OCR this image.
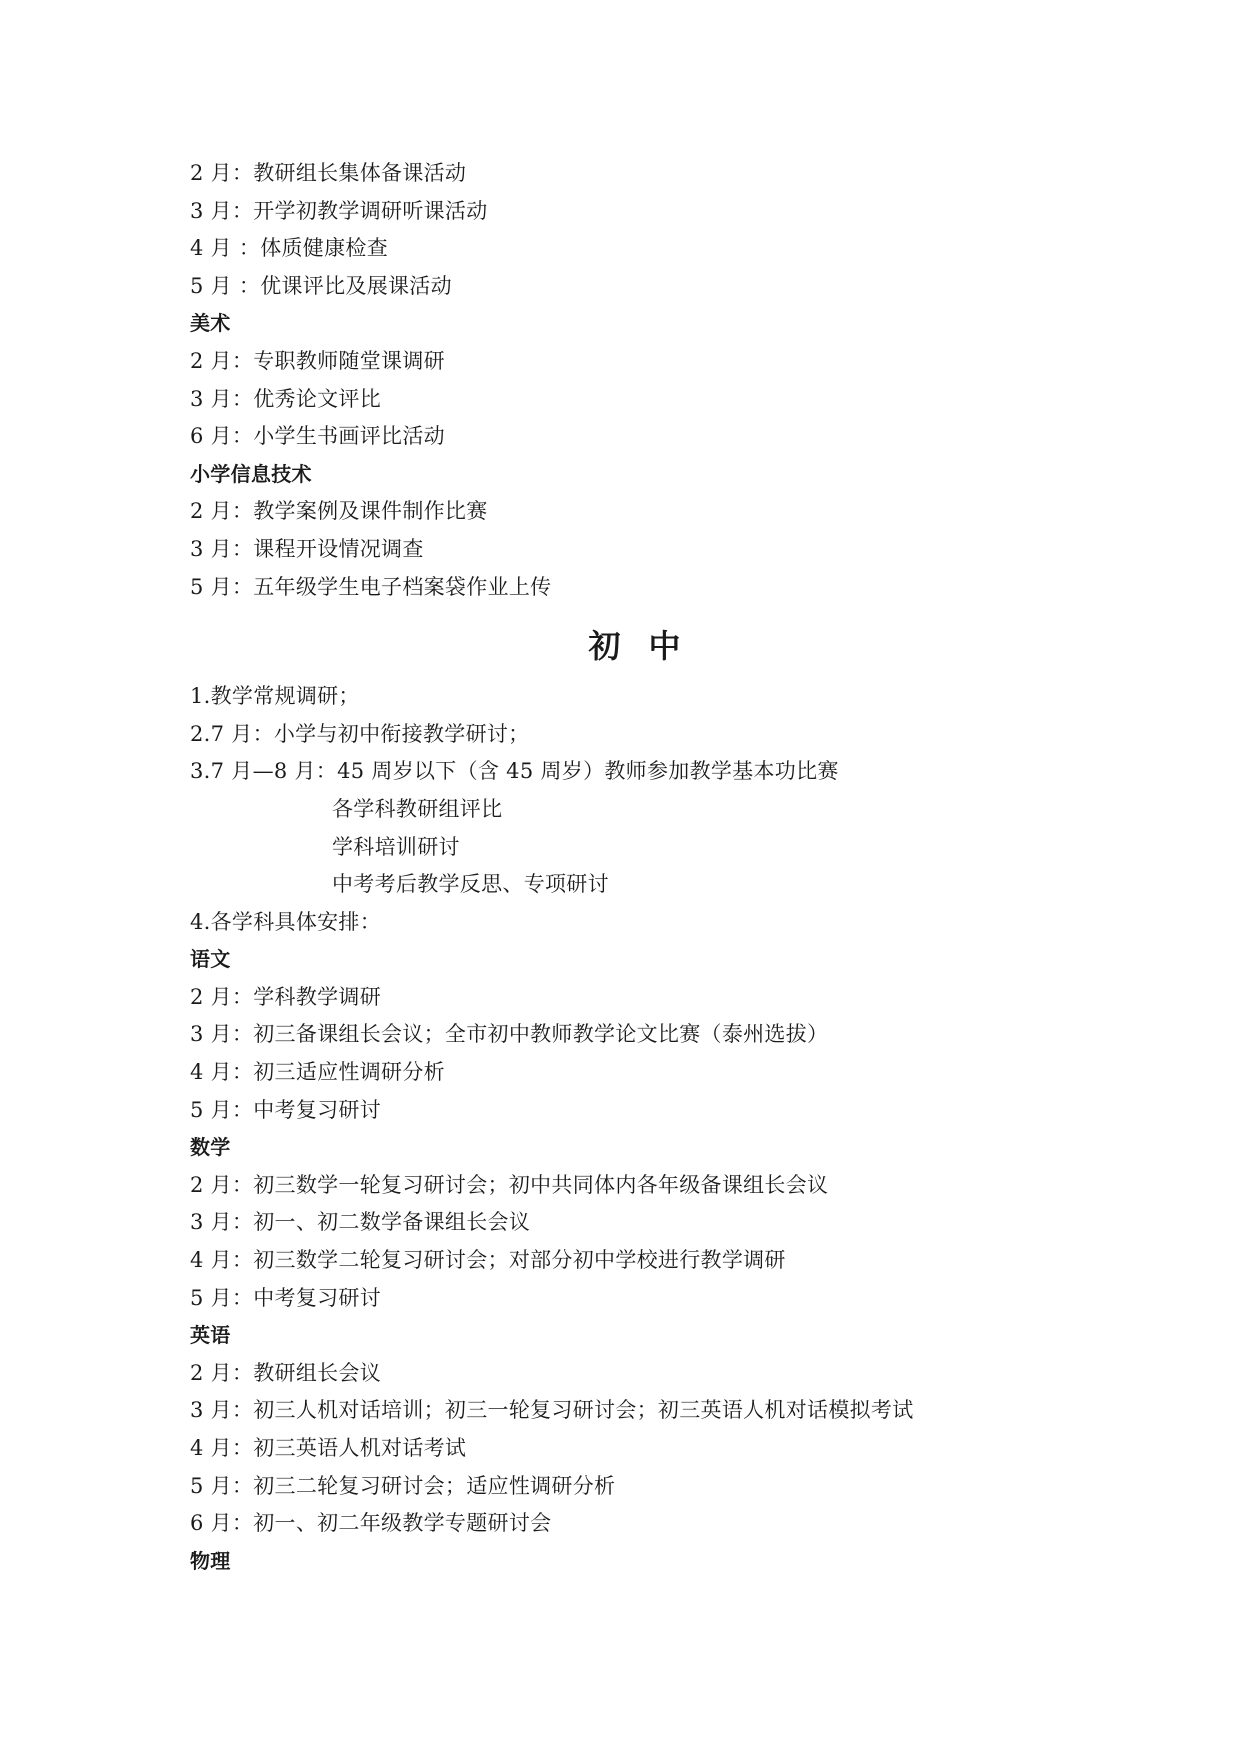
2 月：教研组长集体备课活动
3 月：开学初教学调研听课活动
4 月 ：体质健康检查
5 月 ：优课评比及展课活动
美术
2 月：专职教师随堂课调研
3 月：优秀论文评比
6 月：小学生书画评比活动
小学信息技术
2 月：教学案例及课件制作比赛
3 月：课程开设情况调查
5 月：五年级学生电子档案袋作业上传
初中
1.教学常规调研；
2.7 月：小学与初中衔接教学研讨；
3.7 月—8 月：45 周岁以下（含 45 周岁）教师参加教学基本功比赛
各学科教研组评比
学科培训研讨
中考考后教学反思、专项研讨
4.各学科具体安排：
语文
2 月：学科教学调研
3 月：初三备课组长会议；全市初中教师教学论文比赛（泰州选拔）
4 月：初三适应性调研分析
5 月：中考复习研讨
数学
2 月：初三数学一轮复习研讨会；初中共同体内各年级备课组长会议
3 月：初一、初二数学备课组长会议
4 月：初三数学二轮复习研讨会；对部分初中学校进行教学调研
5 月：中考复习研讨
英语
2 月：教研组长会议
3 月：初三人机对话培训；初三一轮复习研讨会；初三英语人机对话模拟考试
4 月：初三英语人机对话考试
5 月：初三二轮复习研讨会；适应性调研分析
6 月：初一、初二年级教学专题研讨会
物理
